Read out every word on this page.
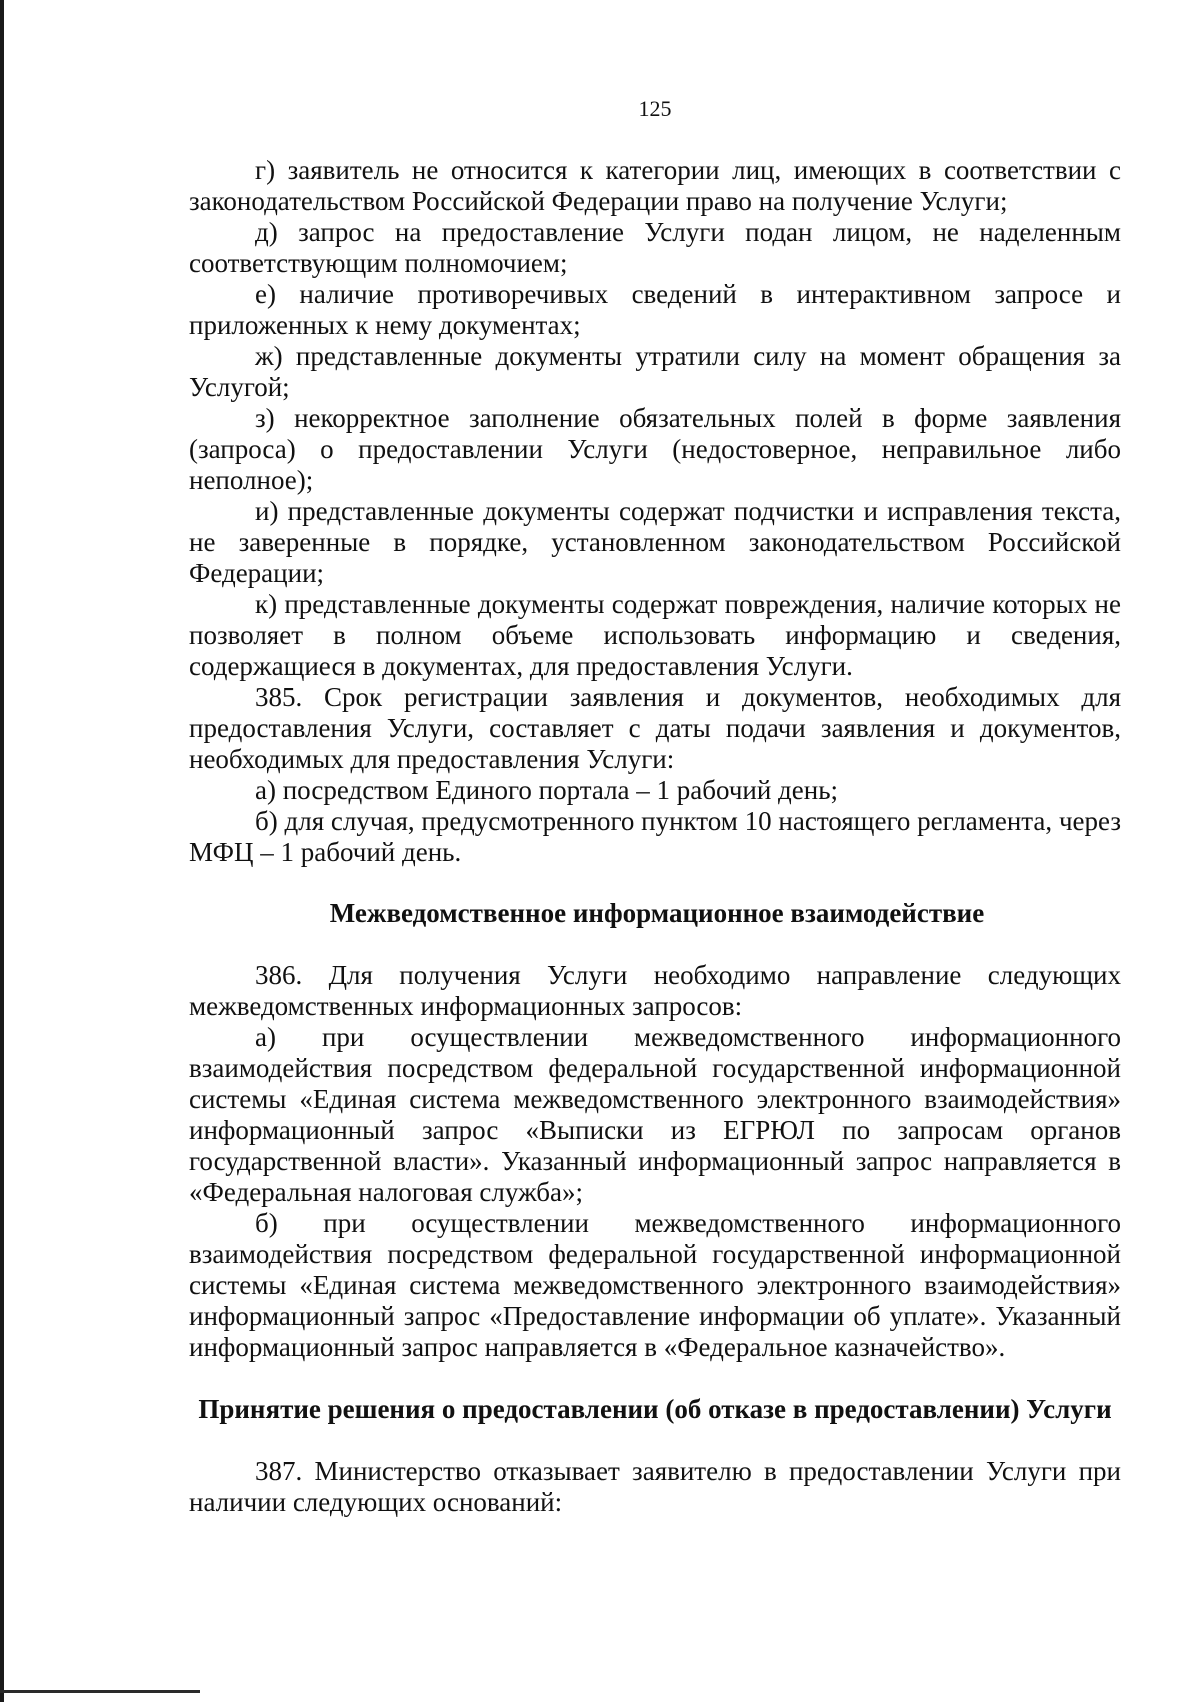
125

г) заявитель не относится к категории лиц, имеющих в соответствии с законодательством Российской Федерации право на получение Услуги;

д) запрос на предоставление Услуги подан лицом, не наделенным соответствующим полномочием;

е) наличие противоречивых сведений в интерактивном запросе и приложенных к нему документах;

ж) представленные документы утратили силу на момент обращения за Услугой;

з) некорректное заполнение обязательных полей в форме заявления (запроса) о предоставлении Услуги (недостоверное, неправильное либо неполное);

и) представленные документы содержат подчистки и исправления текста, не заверенные в порядке, установленном законодательством Российской Федерации;

к) представленные документы содержат повреждения, наличие которых не позволяет в полном объеме использовать информацию и сведения, содержащиеся в документах, для предоставления Услуги.

385. Срок регистрации заявления и документов, необходимых для предоставления Услуги, составляет с даты подачи заявления и документов, необходимых для предоставления Услуги:

а) посредством Единого портала – 1 рабочий день;

б) для случая, предусмотренного пунктом 10 настоящего регламента, через МФЦ – 1 рабочий день.

Межведомственное информационное взаимодействие

386. Для получения Услуги необходимо направление следующих межведомственных информационных запросов:

а) при осуществлении межведомственного информационного взаимодействия посредством федеральной государственной информационной системы «Единая система межведомственного электронного взаимодействия» информационный запрос «Выписки из ЕГРЮЛ по запросам органов государственной власти». Указанный информационный запрос направляется в «Федеральная налоговая служба»;

б) при осуществлении межведомственного информационного взаимодействия посредством федеральной государственной информационной системы «Единая система межведомственного электронного взаимодействия» информационный запрос «Предоставление информации об уплате». Указанный информационный запрос направляется в «Федеральное казначейство».

Принятие решения о предоставлении (об отказе в предоставлении) Услуги

387. Министерство отказывает заявителю в предоставлении Услуги при наличии следующих оснований:
